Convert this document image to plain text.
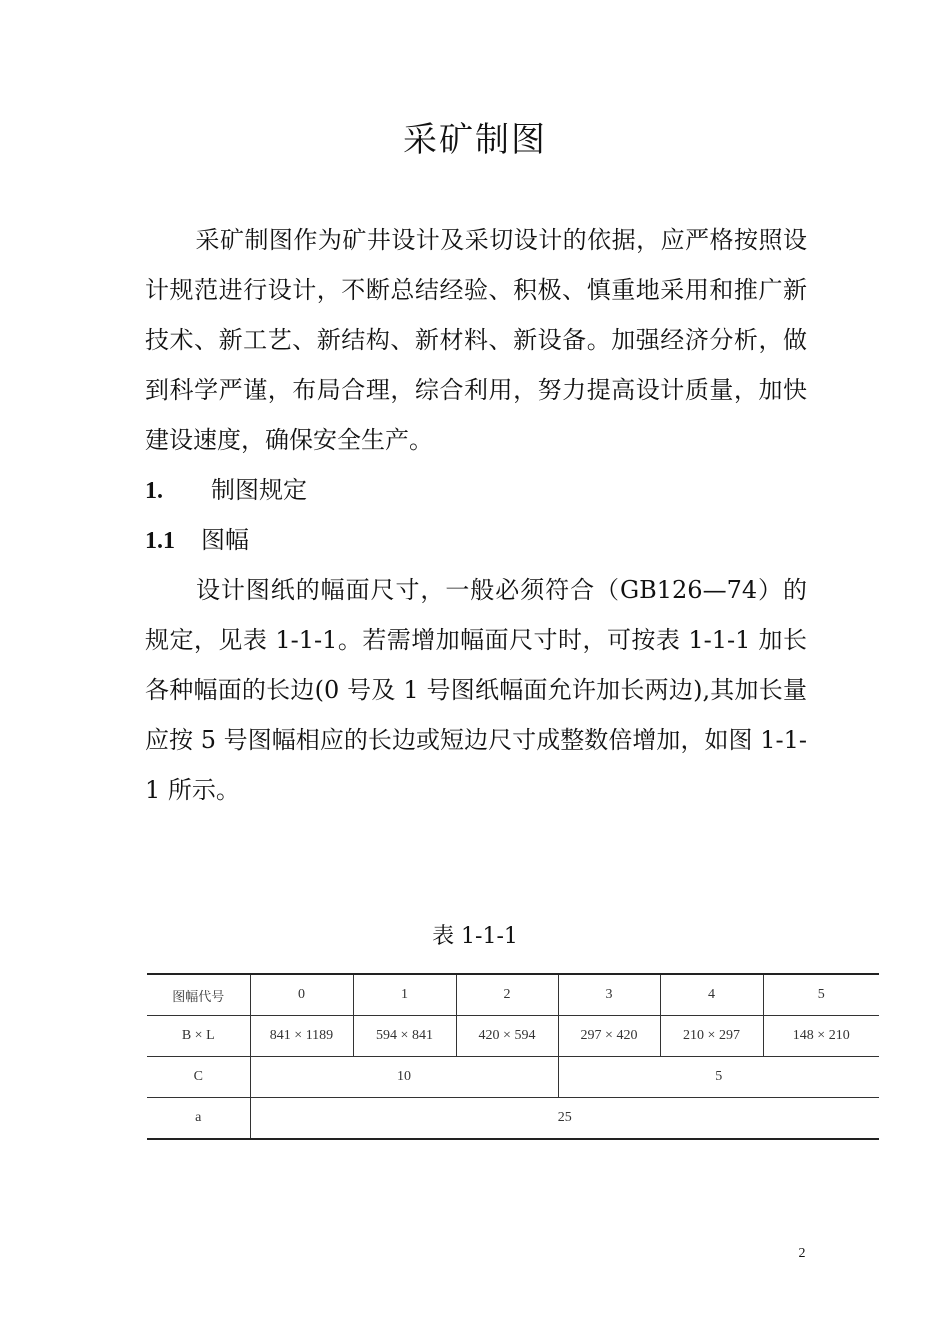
采矿制图

采矿制图作为矿井设计及采切设计的依据，应严格按照设计规范进行设计，不断总结经验、积极、慎重地采用和推广新技术、新工艺、新结构、新材料、新设备。加强经济分析，做到科学严谨，布局合理，综合利用，努力提高设计质量，加快建设速度，确保安全生产。

1. 制图规定
1.1 图幅

设计图纸的幅面尺寸，一般必须符合（GB126—74）的规定，见表 1-1-1。若需增加幅面尺寸时，可按表 1-1-1 加长各种幅面的长边(0 号及 1 号图纸幅面允许加长两边),其加长量应按 5 号图幅相应的长边或短边尺寸成整数倍增加，如图 1-1-1 所示。

表 1-1-1
图幅代号	0	1	2	3	4	5
B × L	841 × 1189	594 × 841	420 × 594	297 × 420	210 × 297	148 × 210
C	10			5		
a	25					
2
